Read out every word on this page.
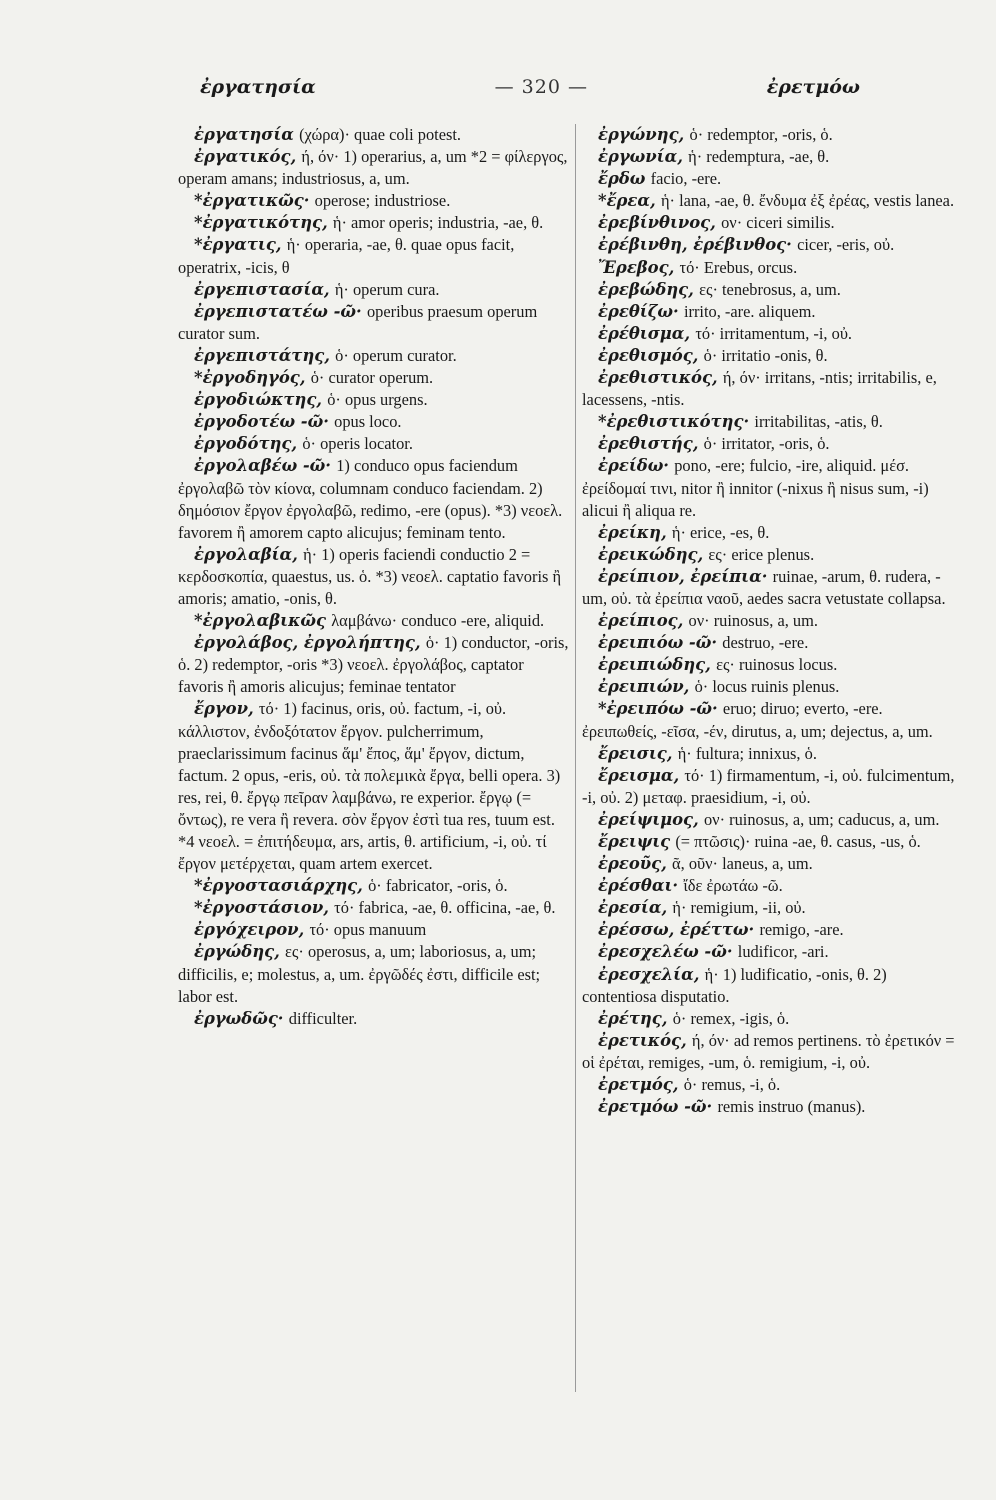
ἐργατησία	— 320 —	ἐρετμόω

ἐργατησία (χώρα)· quae coli potest.

ἐργατικός, ή, όν· 1) operarius, a, um *2 = φίλεργος, operam amans; industriosus, a, um.

*ἐργατικῶς· operose; industriose.

*ἐργατικότης, ἡ· amor operis; industria, -ae, θ.

*ἐργατις, ἡ· operaria, -ae, θ. quae opus facit, operatrix, -icis, θ

ἐργεπιστασία, ἡ· operum cura.

ἐργεπιστατέω -ῶ· operibus praesum operum curator sum.

ἐργεπιστάτης, ὁ· operum curator.

*ἐργοδηγός, ὁ· curator operum.

ἐργοδιώκτης, ὁ· opus urgens.

ἐργοδοτέω -ῶ· opus loco.

ἐργοδότης, ὁ· operis locator.

ἐργολαβέω -ῶ· 1) conduco opus faciendum ἐργολαβῶ τὸν κίονα, columnam conduco faciendam. 2) δημόσιον ἔργον ἐργολαβῶ, redimo, -ere (opus). *3) νεοελ. favorem ἢ amorem capto alicujus; feminam tento.

ἐργολαβία, ἡ· 1) operis faciendi conductio 2 = κερδοσκοπία, quaestus, us. ὁ. *3) νεοελ. captatio favoris ἢ amoris; amatio, -onis, θ.

*ἐργολαβικῶς λαμβάνω· conduco -ere, aliquid.

ἐργολάβος, ἐργολήπτης, ὁ· 1) conductor, -oris, ὁ. 2) redemptor, -oris *3) νεοελ. ἐργολάβος, captator favoris ἢ amoris alicujus; feminae tentator

ἔργον, τό· 1) facinus, oris, οὐ. factum, -i, οὐ. κάλλιστον, ἐνδοξότατον ἔργον. pulcherrimum, praeclarissimum facinus ἅμ' ἔπος, ἅμ' ἔργον, dictum, factum. 2 opus, -eris, οὐ. τὰ πολεμικὰ ἔργα, belli opera. 3) res, rei, θ. ἔργῳ πεῖραν λαμβάνω, re experior. ἔργῳ (= ὄντως), re vera ἢ revera. σὸν ἔργον ἐστὶ tua res, tuum est. *4 νεοελ. = ἐπιτήδευμα, ars, artis, θ. artificium, -i, οὐ. τί ἔργον μετέρχεται, quam artem exercet.

*ἐργοστασιάρχης, ὁ· fabricator, -oris, ὁ.

*ἐργοστάσιον, τό· fabrica, -ae, θ. officina, -ae, θ.

ἐργόχειρον, τό· opus manuum

ἐργώδης, ες· operosus, a, um; laboriosus, a, um; difficilis, e; molestus, a, um. ἐργῶδές ἐστι, difficile est; labor est.

ἐργωδῶς· difficulter.

ἐργώνης, ὁ· redemptor, -oris, ὁ.

ἐργωνία, ἡ· redemptura, -ae, θ.

ἔρδω facio, -ere.

*ἔρεα, ἡ· lana, -ae, θ. ἔνδυμα ἐξ ἐρέας, vestis lanea.

ἐρεβίνθινος, ον· ciceri similis.

ἐρέβινθη, ἐρέβινθος· cicer, -eris, οὐ.

Ἔρεβος, τό· Erebus, orcus.

ἐρεβώδης, ες· tenebrosus, a, um.

ἐρεθίζω· irrito, -are. aliquem.

ἐρέθισμα, τό· irritamentum, -i, οὐ.

ἐρεθισμός, ὁ· irritatio -onis, θ.

ἐρεθιστικός, ή, όν· irritans, -ntis; irritabilis, e, lacessens, -ntis.

*ἐρεθιστικότης· irritabilitas, -atis, θ.

ἐρεθιστής, ὁ· irritator, -oris, ὁ.

ἐρείδω· pono, -ere; fulcio, -ire, aliquid. μέσ. ἐρείδομαί τινι, nitor ἢ innitor (-nixus ἢ nisus sum, -i) alicui ἢ aliqua re.

ἐρείκη, ἡ· erice, -es, θ.

ἐρεικώδης, ες· erice plenus.

ἐρείπιον, ἐρείπια· ruinae, -arum, θ. rudera, -um, οὐ. τὰ ἐρείπια ναοῦ, aedes sacra vetustate collapsa.

ἐρείπιος, ον· ruinosus, a, um.

ἐρειπιόω -ῶ· destruo, -ere.

ἐρειπιώδης, ες· ruinosus locus.

ἐρειπιών, ὁ· locus ruinis plenus.

*ἐρειπόω -ῶ· eruo; diruo; everto, -ere. ἐρειπωθείς, -εῖσα, -έν, dirutus, a, um; dejectus, a, um.

ἔρεισις, ἡ· fultura; innixus, ὁ.

ἔρεισμα, τό· 1) firmamentum, -i, οὐ. fulcimentum, -i, οὐ. 2) μεταφ. praesidium, -i, οὐ.

ἐρείψιμος, ον· ruinosus, a, um; caducus, a, um.

ἔρειψις (= πτῶσις)· ruina -ae, θ. casus, -us, ὁ.

ἐρεοῦς, ᾶ, οῦν· laneus, a, um.

ἐρέσθαι· ἴδε ἐρωτάω -ῶ.

ἐρεσία, ἡ· remigium, -ii, οὐ.

ἐρέσσω, ἐρέττω· remigo, -are.

ἐρεσχελέω -ῶ· ludificor, -ari.

ἐρεσχελία, ἡ· 1) ludificatio, -onis, θ. 2) contentiosa disputatio.

ἐρέτης, ὁ· remex, -igis, ὁ.

ἐρετικός, ή, όν· ad remos pertinens. τὸ ἐρετικόν = οἱ ἐρέται, remiges, -um, ὁ. remigium, -i, οὐ.

ἐρετμός, ὁ· remus, -i, ὁ.

ἐρετμόω -ῶ· remis instruo (manus).
